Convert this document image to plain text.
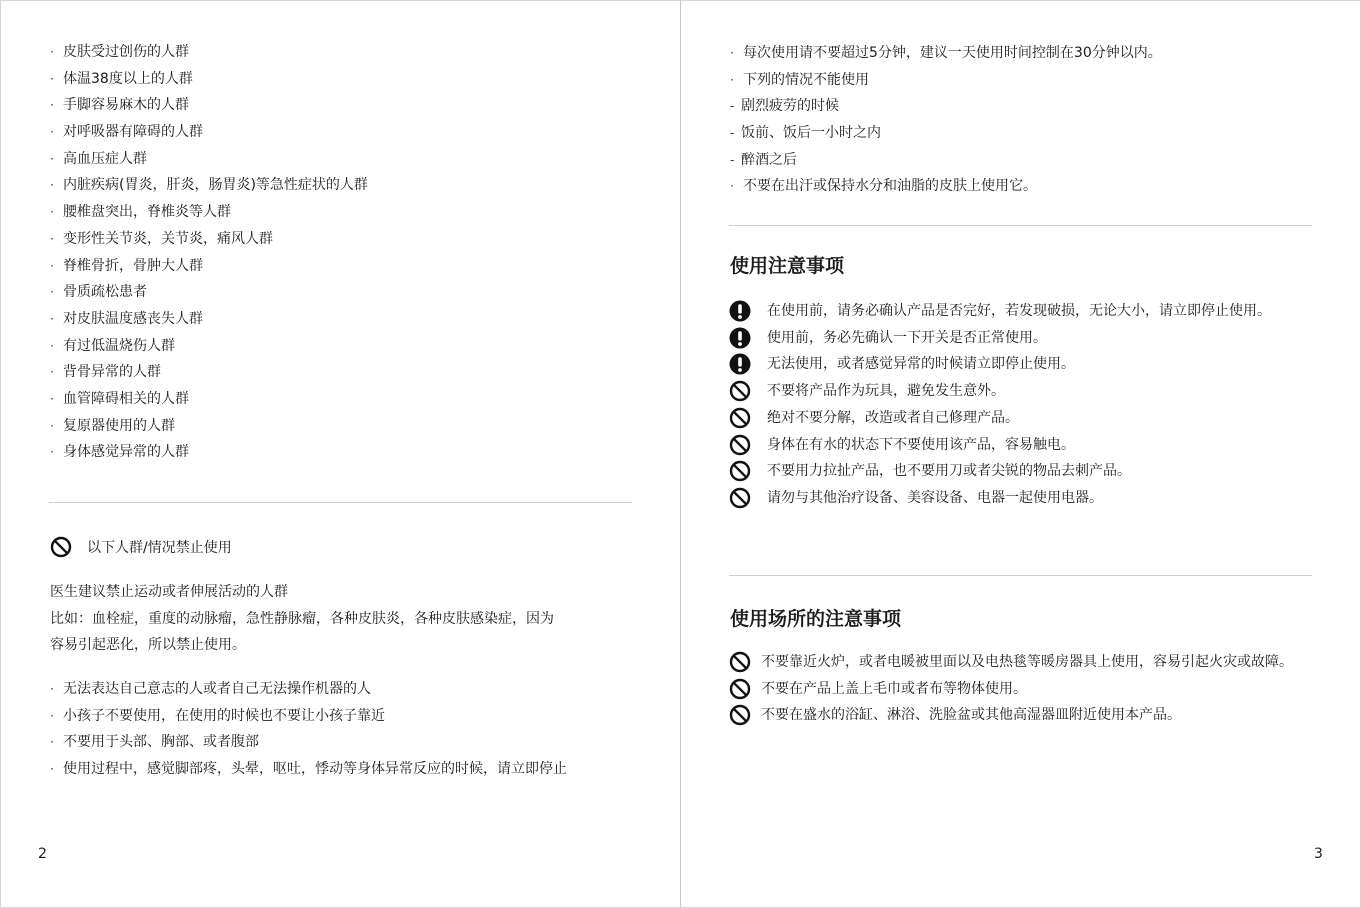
· 皮肤受过创伤的人群
· 体温38度以上的人群
· 手脚容易麻木的人群
· 对呼吸器有障碍的人群
· 高血压症人群
· 内脏疾病(胃炎，肝炎，肠胃炎)等急性症状的人群
· 腰椎盘突出，脊椎炎等人群
· 变形性关节炎，关节炎，痛风人群
· 脊椎骨折，骨肿大人群
· 骨质疏松患者
· 对皮肤温度感丧失人群
· 有过低温烧伤人群
· 背骨异常的人群
· 血管障碍相关的人群
· 复原器使用的人群
· 身体感觉异常的人群
以下人群/情况禁止使用

医生建议禁止运动或者伸展活动的人群
比如：血栓症，重度的动脉瘤，急性静脉瘤，各种皮肤炎，各种皮肤感染症，因为
容易引起恶化，所以禁止使用。

· 无法表达自己意志的人或者自己无法操作机器的人
· 小孩子不要使用，在使用的时候也不要让小孩子靠近
· 不要用于头部、胸部、或者腹部
· 使用过程中，感觉脚部疼，头晕，呕吐，悸动等身体异常反应的时候，请立即停止
2
· 每次使用请不要超过5分钟，建议一天使用时间控制在30分钟以内。
· 下列的情况不能使用
- 剧烈疲劳的时候
- 饭前、饭后一小时之内
- 醉酒之后
· 不要在出汗或保持水分和油脂的皮肤上使用它。
使用注意事项
在使用前，请务必确认产品是否完好，若发现破损，无论大小，请立即停止使用。
使用前，务必先确认一下开关是否正常使用。
无法使用，或者感觉异常的时候请立即停止使用。
不要将产品作为玩具，避免发生意外。
绝对不要分解，改造或者自己修理产品。
身体在有水的状态下不要使用该产品，容易触电。
不要用力拉扯产品，也不要用刀或者尖锐的物品去刺产品。
请勿与其他治疗设备、美容设备、电器一起使用电器。
使用场所的注意事项
不要靠近火炉，或者电暖被里面以及电热毯等暖房器具上使用，容易引起火灾或故障。
不要在产品上盖上毛巾或者布等物体使用。
不要在盛水的浴缸、淋浴、洗脸盆或其他高湿器皿附近使用本产品。
3
